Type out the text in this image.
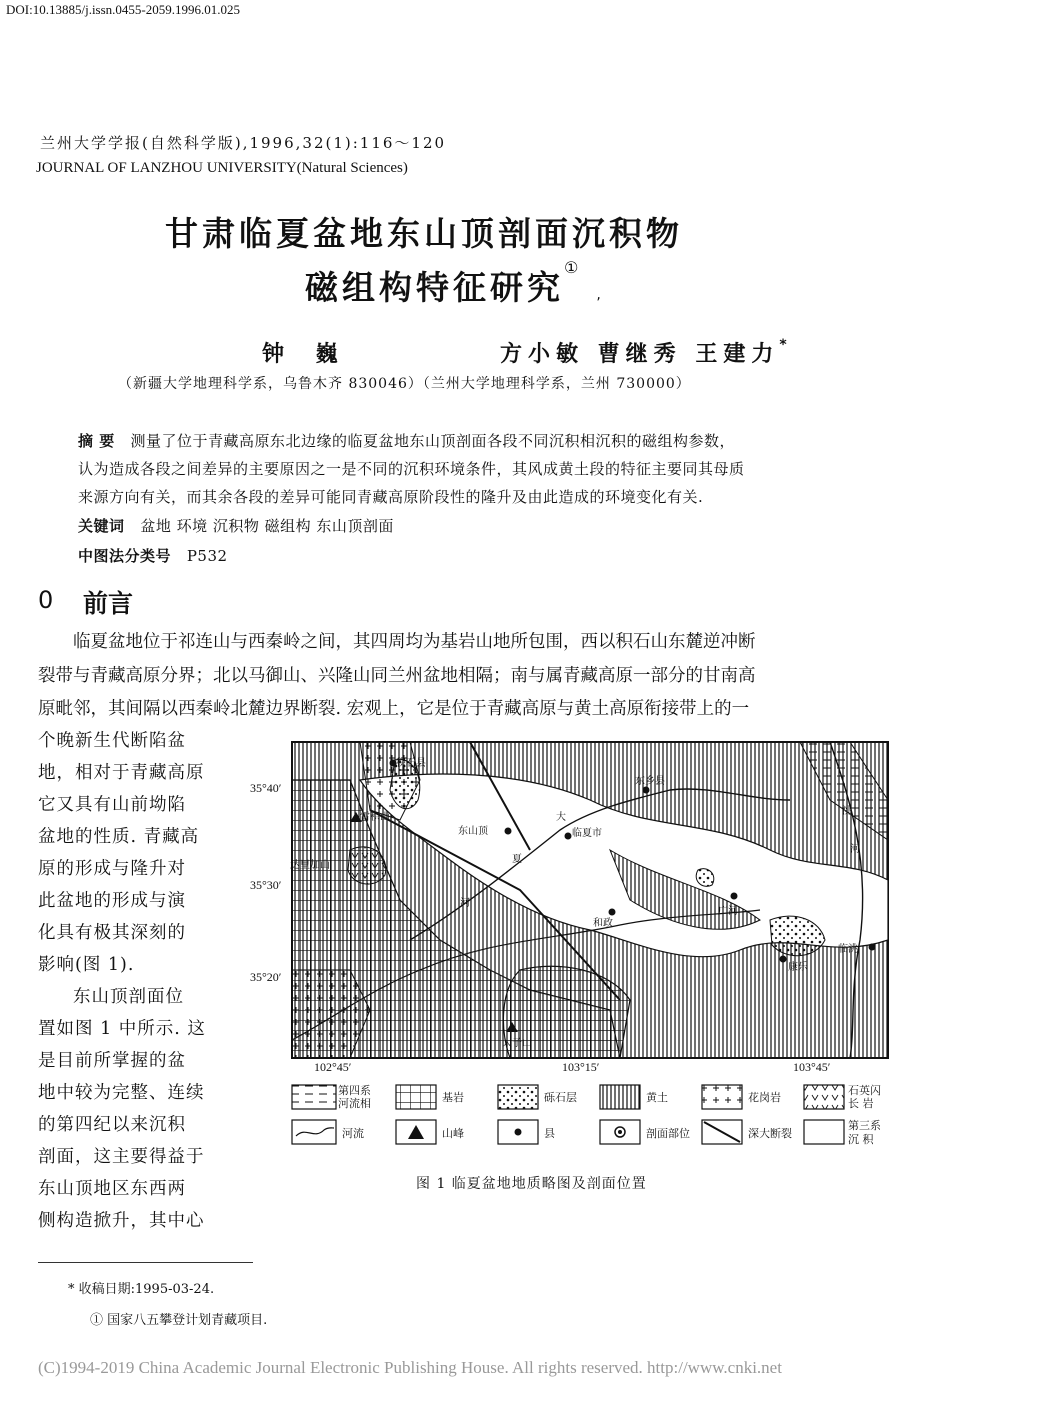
DOI:10.13885/j.issn.0455-2059.1996.01.025
兰州大学学报(自然科学版),1996,32(1):116～120
JOURNAL OF LANZHOU UNIVERSITY(Natural Sciences)
甘肃临夏盆地东山顶剖面沉积物
磁组构特征研究①,
钟 巍	方小敏 曹继秀 王建力*
（新疆大学地理科学系，乌鲁木齐 830046）（兰州大学地理科学系，兰州 730000）
摘 要 测量了位于青藏高原东北边缘的临夏盆地东山顶剖面各段不同沉积相沉积的磁组构参数，
认为造成各段之间差异的主要原因之一是不同的沉积环境条件，其风成黄土段的特征主要同其母质
来源方向有关，而其余各段的差异可能同青藏高原阶段性的隆升及由此造成的环境变化有关.
关键词 盆地 环境 沉积物 磁组构 东山顶剖面
中图法分类号 P532
0 前言
临夏盆地位于祁连山与西秦岭之间，其四周均为基岩山地所包围，西以积石山东麓逆冲断
裂带与青藏高原分界；北以马御山、兴隆山同兰州盆地相隔；南与属青藏高原一部分的甘南高
原毗邻，其间隔以西秦岭北麓边界断裂. 宏观上，它是位于青藏高原与黄土高原衔接带上的一
个晚新生代断陷盆
地，相对于青藏高原
它又具有山前坳陷
盆地的性质. 青藏高
原的形成与隆升对
此盆地的形成与演
化具有极其深刻的
影响(图 1).
东山顶剖面位
置如图 1 中所示. 这
是目前所掌握的盆
地中较为完整、连续
的第四纪以来沉积
剖面，这主要得益于
东山顶地区东西两
侧构造掀升，其中心
积石县
东乡县
雷积山
东山顶	临夏市
达里加山
河
夏
大
和政
广河
洮
河
临洮
康乐
太子山
35°40′
35°30′
35°20′
102°45′	103°15′	103°45′
第四系
河流相	基岩	砾石层	黄土	花岗岩
石英闪
长 岩
河流	山峰	县	剖面部位	深大断裂
第三系
沉 积
图 1 临夏盆地地质略图及剖面位置
* 收稿日期:1995-03-24.
① 国家八五攀登计划青藏项目.
(C)1994-2019 China Academic Journal Electronic Publishing House. All rights reserved. http://www.cnki.net
